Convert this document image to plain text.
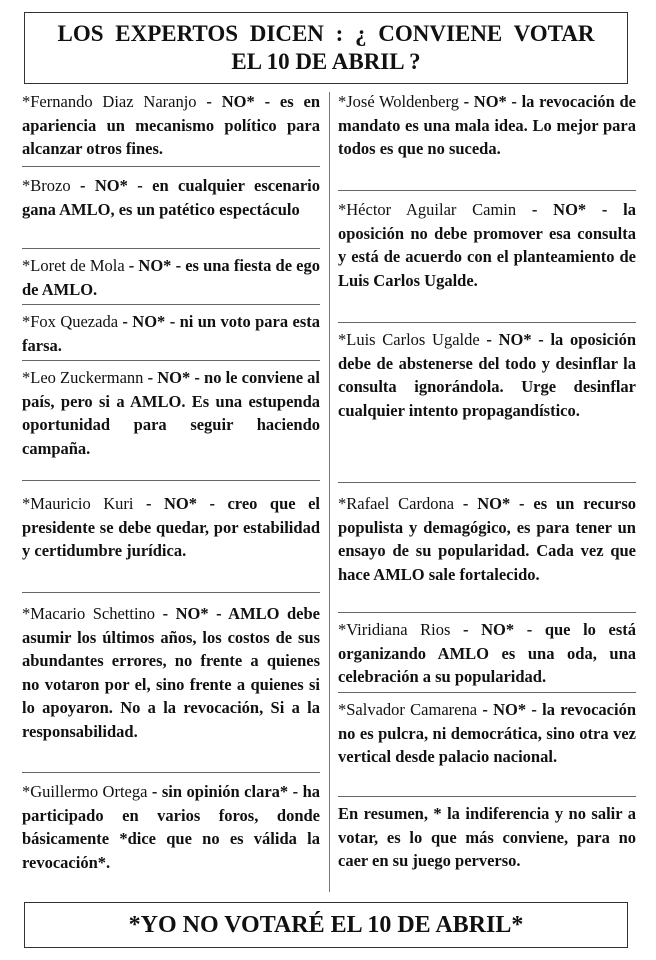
LOS EXPERTOS DICEN : ¿ CONVIENE VOTAR
EL 10 DE ABRIL ?
*Fernando Diaz Naranjo - NO* - es en apariencia un mecanismo político para alcanzar otros fines.
*Brozo - NO* - en cualquier escenario gana AMLO, es un patético espectáculo
*Loret de Mola - NO* - es una fiesta de ego de AMLO.
*Fox Quezada - NO* - ni un voto para esta farsa.
*Leo Zuckermann - NO* - no le conviene al país, pero si a AMLO. Es una estupenda oportunidad para seguir haciendo campaña.
*Mauricio Kuri - NO* - creo que el presidente se debe quedar, por estabilidad y certidumbre jurídica.
*Macario Schettino - NO* - AMLO debe asumir los últimos años, los costos de sus abundantes errores, no frente a quienes no votaron por el, sino frente a quienes si lo apoyaron. No a la revocación, Si a la responsabilidad.
*Guillermo Ortega - sin opinión clara* - ha participado en varios foros, donde básicamente *dice que no es válida la revocación*.
*José Woldenberg - NO* - la revocación de mandato es una mala idea. Lo mejor para todos es que no suceda.
*Héctor Aguilar Camin - NO* - la oposición no debe promover esa consulta y está de acuerdo con el planteamiento de Luis Carlos Ugalde.
*Luis Carlos Ugalde - NO* - la oposición debe de abstenerse del todo y desinflar la consulta ignorándola. Urge desinflar cualquier intento propagandístico.
*Rafael Cardona - NO* - es un recurso populista y demagógico, es para tener un ensayo de su popularidad. Cada vez que hace AMLO sale fortalecido.
*Viridiana Rios - NO* - que lo está organizando AMLO es una oda, una celebración a su popularidad.
*Salvador Camarena - NO* - la revocación no es pulcra, ni democrática, sino otra vez vertical desde palacio nacional.
En resumen, * la indiferencia y no salir a votar, es lo que más conviene, para no caer en su juego perverso.
*YO NO VOTARÉ EL 10 DE ABRIL*
